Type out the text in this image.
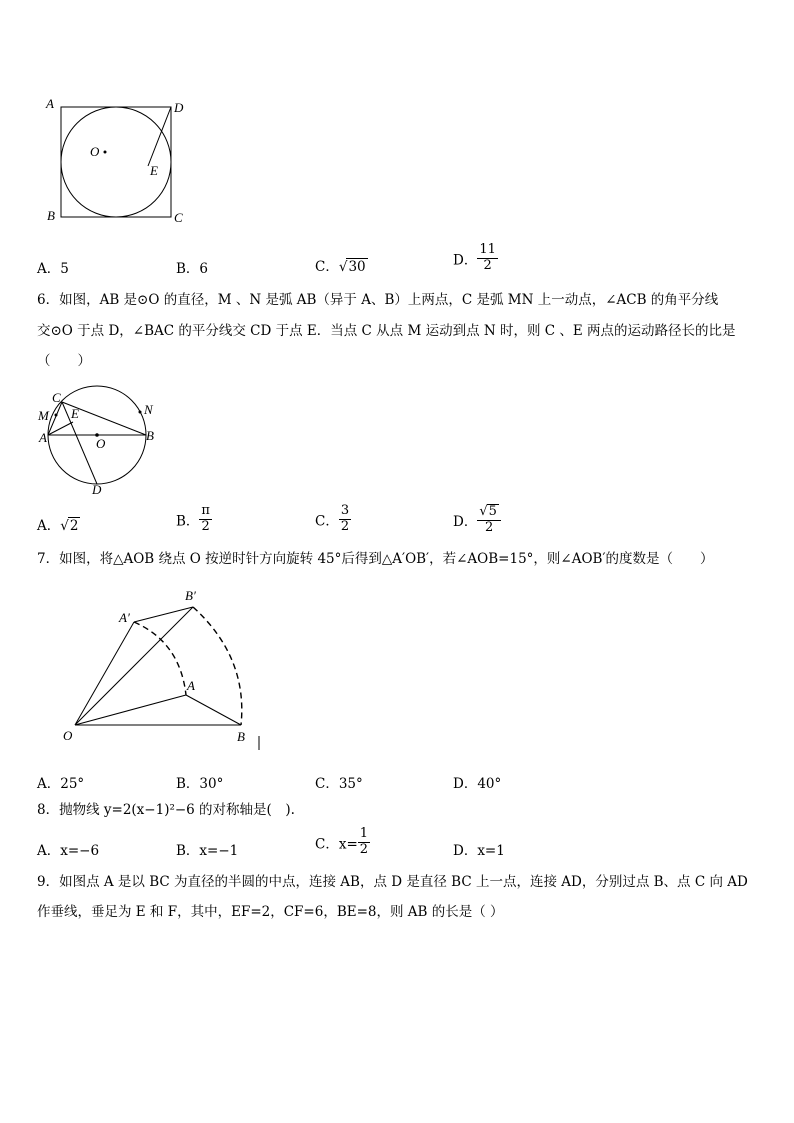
A	D
O
E
B	C
A．5	B．6	C．√30	D． $\frac{11}{2}$
6．如图，AB 是⊙O 的直径，M 、N 是弧 AB（异于 A、B）上两点，C 是弧 MN 上一动点，∠ACB 的角平分线
交⊙O 于点 D，∠BAC 的平分线交 CD 于点 E．当点 C 从点 M 运动到点 N 时，则 C 、E 两点的运动路径长的比是
（　　）
C
M E	N
A	O
B
D
A．√2	B． $\frac{\pi}{2}$	C． $\frac{3}{2}$	D． $\frac{√5}{2}$
7．如图，将△AOB 绕点 O 按逆时针方向旋转 45°后得到△A′OB′，若∠AOB=15°，则∠AOB′的度数是（　　）
A′
B′
A
O	B
A．25°	B．30°	C．35°	D．40°
8．抛物线 y=2(x−1)²−6 的对称轴是(　).
A．x=−6	B．x=−1	C．$x= \frac{1}{2}$	D．x=1
9．如图点 A 是以 BC 为直径的半圆的中点，连接 AB，点 D 是直径 BC 上一点，连接 AD，分别过点 B、点 C 向 AD
作垂线，垂足为 E 和 F，其中，EF=2，CF=6，BE=8，则 AB 的长是（ ）
